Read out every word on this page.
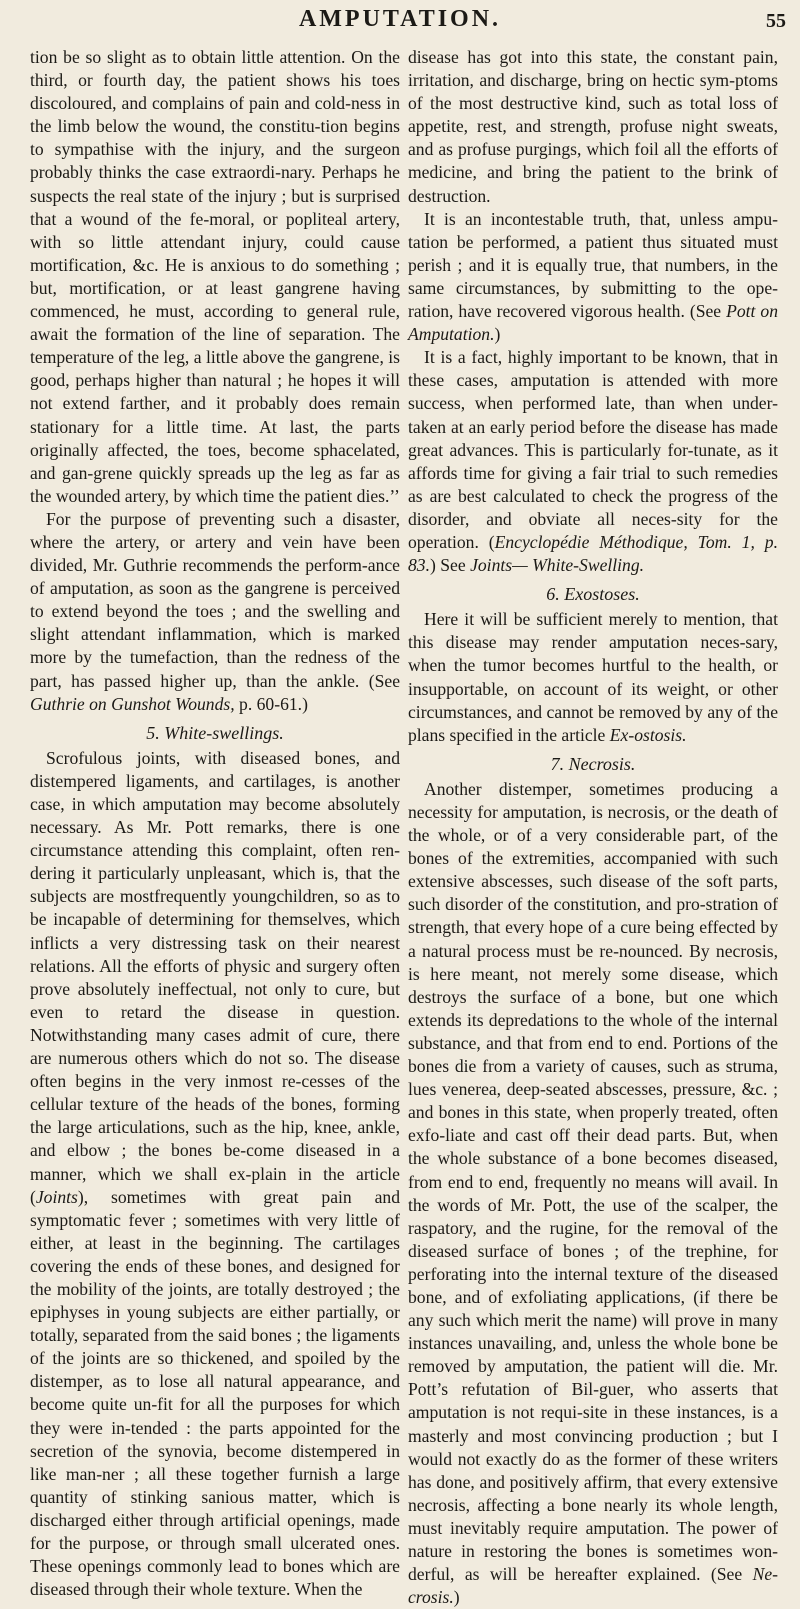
AMPUTATION.	55

tion be so slight as to obtain little attention. On the third, or fourth day, the patient shows his toes discoloured, and complains of pain and cold-ness in the limb below the wound, the constitu-tion begins to sympathise with the injury, and the surgeon probably thinks the case extraordi-nary. Perhaps he suspects the real state of the injury ; but is surprised that a wound of the fe-moral, or popliteal artery, with so little attendant injury, could cause mortification, &c. He is anxious to do something ; but, mortification, or at least gangrene having commenced, he must, according to general rule, await the formation of the line of separation. The temperature of the leg, a little above the gangrene, is good, perhaps higher than natural ; he hopes it will not extend farther, and it probably does remain stationary for a little time. At last, the parts originally affected, the toes, become sphacelated, and gan-grene quickly spreads up the leg as far as the wounded artery, by which time the patient dies.’’

For the purpose of preventing such a disaster, where the artery, or artery and vein have been divided, Mr. Guthrie recommends the perform-ance of amputation, as soon as the gangrene is perceived to extend beyond the toes ; and the swelling and slight attendant inflammation, which is marked more by the tumefaction, than the redness of the part, has passed higher up, than the ankle. (See Guthrie on Gunshot Wounds, p. 60-61.)

5. White-swellings.

Scrofulous joints, with diseased bones, and distempered ligaments, and cartilages, is another case, in which amputation may become absolutely necessary. As Mr. Pott remarks, there is one circumstance attending this complaint, often ren-dering it particularly unpleasant, which is, that the subjects are mostfrequently youngchildren, so as to be incapable of determining for themselves, which inflicts a very distressing task on their nearest relations. All the efforts of physic and surgery often prove absolutely ineffectual, not only to cure, but even to retard the disease in question. Notwithstanding many cases admit of cure, there are numerous others which do not so. The disease often begins in the very inmost re-cesses of the cellular texture of the heads of the bones, forming the large articulations, such as the hip, knee, ankle, and elbow ; the bones be-come diseased in a manner, which we shall ex-plain in the article (Joints), sometimes with great pain and symptomatic fever ; sometimes with very little of either, at least in the beginning. The cartilages covering the ends of these bones, and designed for the mobility of the joints, are totally destroyed ; the epiphyses in young subjects are either partially, or totally, separated from the said bones ; the ligaments of the joints are so thickened, and spoiled by the distemper, as to lose all natural appearance, and become quite un-fit for all the purposes for which they were in-tended : the parts appointed for the secretion of the synovia, become distempered in like man-ner ; all these together furnish a large quantity of stinking sanious matter, which is discharged either through artificial openings, made for the purpose, or through small ulcerated ones. These openings commonly lead to bones which are diseased through their whole texture. When the

disease has got into this state, the constant pain, irritation, and discharge, bring on hectic sym-ptoms of the most destructive kind, such as total loss of appetite, rest, and strength, profuse night sweats, and as profuse purgings, which foil all the efforts of medicine, and bring the patient to the brink of destruction.

It is an incontestable truth, that, unless ampu-tation be performed, a patient thus situated must perish ; and it is equally true, that numbers, in the same circumstances, by submitting to the ope-ration, have recovered vigorous health. (See Pott on Amputation.)

It is a fact, highly important to be known, that in these cases, amputation is attended with more success, when performed late, than when under-taken at an early period before the disease has made great advances. This is particularly for-tunate, as it affords time for giving a fair trial to such remedies as are best calculated to check the progress of the disorder, and obviate all neces-sity for the operation. (Encyclopédie Méthodique, Tom. 1, p. 83.) See Joints— White-Swelling.

6. Exostoses.

Here it will be sufficient merely to mention, that this disease may render amputation neces-sary, when the tumor becomes hurtful to the health, or insupportable, on account of its weight, or other circumstances, and cannot be removed by any of the plans specified in the article Ex-ostosis.

7. Necrosis.

Another distemper, sometimes producing a necessity for amputation, is necrosis, or the death of the whole, or of a very considerable part, of the bones of the extremities, accompanied with such extensive abscesses, such disease of the soft parts, such disorder of the constitution, and pro-stration of strength, that every hope of a cure being effected by a natural process must be re-nounced. By necrosis, is here meant, not merely some disease, which destroys the surface of a bone, but one which extends its depredations to the whole of the internal substance, and that from end to end. Portions of the bones die from a variety of causes, such as struma, lues venerea, deep-seated abscesses, pressure, &c. ; and bones in this state, when properly treated, often exfo-liate and cast off their dead parts. But, when the whole substance of a bone becomes diseased, from end to end, frequently no means will avail. In the words of Mr. Pott, the use of the scalper, the raspatory, and the rugine, for the removal of the diseased surface of bones ; of the trephine, for perforating into the internal texture of the diseased bone, and of exfoliating applications, (if there be any such which merit the name) will prove in many instances unavailing, and, unless the whole bone be removed by amputation, the patient will die. Mr. Pott’s refutation of Bil-guer, who asserts that amputation is not requi-site in these instances, is a masterly and most convincing production ; but I would not exactly do as the former of these writers has done, and positively affirm, that every extensive necrosis, affecting a bone nearly its whole length, must inevitably require amputation. The power of nature in restoring the bones is sometimes won-derful, as will be hereafter explained. (See Ne-crosis.)
